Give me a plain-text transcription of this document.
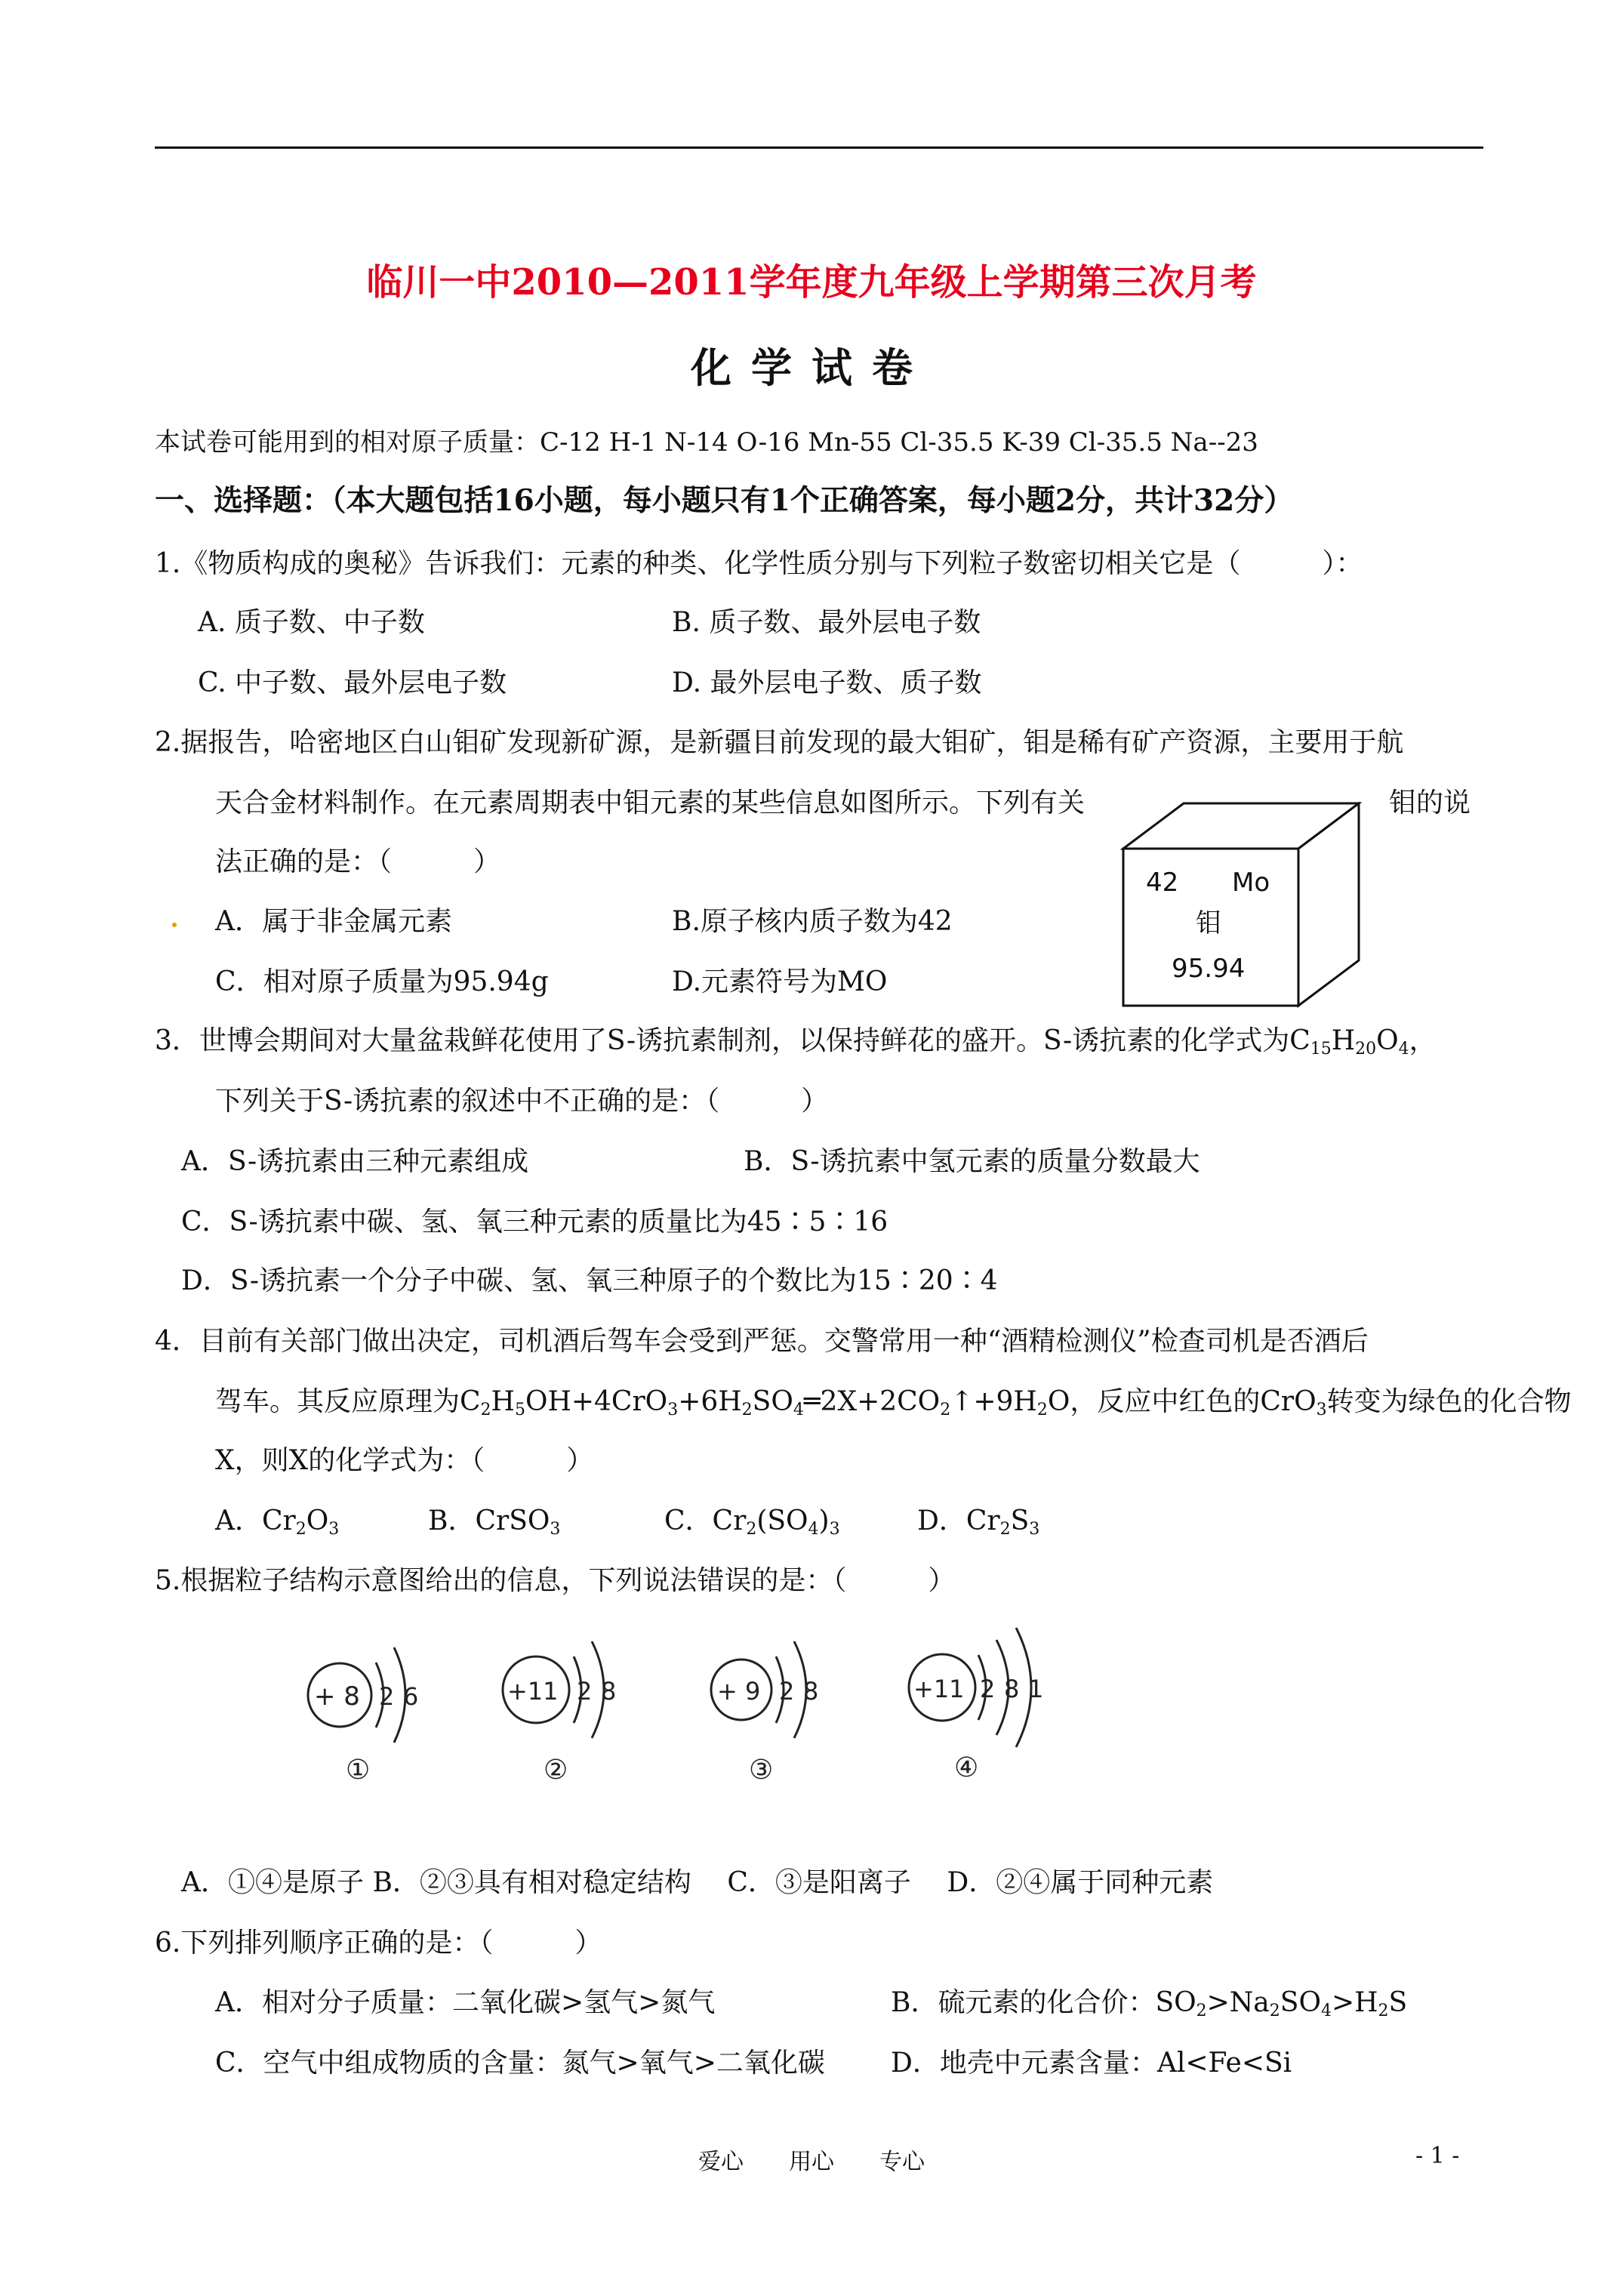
临川一中2010—2011学年度九年级上学期第三次月考
化学试卷
本试卷可能用到的相对原子质量：C-12 H-1 N-14 O-16 Mn-55 Cl-35.5 K-39 Cl-35.5 Na--23
一、选择题：（本大题包括16小题，每小题只有1个正确答案，每小题2分，共计32分）
1.《物质构成的奥秘》告诉我们：元素的种类、化学性质分别与下列粒子数密切相关它是（　　　）：
A. 质子数、中子数	B. 质子数、最外层电子数
C. 中子数、最外层电子数	D. 最外层电子数、质子数
2.据报告，哈密地区白山钼矿发现新矿源，是新疆目前发现的最大钼矿，钼是稀有矿产资源，主要用于航
天合金材料制作。在元素周期表中钼元素的某些信息如图所示。下列有关	钼的说
法正确的是：（　　　）
A．属于非金属元素	B.原子核内质子数为42
C．相对原子质量为95.94g	D.元素符号为MO
42 Mo
钼
95.94
3．世博会期间对大量盆栽鲜花使用了S-诱抗素制剂，以保持鲜花的盛开。S-诱抗素的化学式为$C_{15}H_{20}O_4$，
下列关于S-诱抗素的叙述中不正确的是：（　　　）
A．S-诱抗素由三种元素组成	B．S-诱抗素中氢元素的质量分数最大
C．S-诱抗素中碳、氢、氧三种元素的质量比为45∶5∶16
D．S-诱抗素一个分子中碳、氢、氧三种原子的个数比为15∶20∶4
4．目前有关部门做出决定，司机酒后驾车会受到严惩。交警常用一种“酒精检测仪”检查司机是否酒后
驾车。其反应原理为$C_2H_5OH+4CrO_3+6H_2SO_4═2X+2CO_2↑+9H_2O$，反应中红色的CrO$_3$转变为绿色的化合物
X，则X的化学式为：（　　　）
A．$Cr_2O_3$	B．CrSO$_3$	C．$Cr_2(SO_4)_3$	D．$Cr_2S_3$
5.根据粒子结构示意图给出的信息，下列说法错误的是：（　　　）
+ 8 2 6
①
+11 2 8
②
+ 9 2 8
③
+11 2 8 1
④
A．①④是原子 B．②③具有相对稳定结构　 C．③是阳离子　 D．②④属于同种元素
6.下列排列顺序正确的是：（　　　）
A．相对分子质量：二氧化碳>氢气>氮气	B．硫元素的化合价：$SO_2>Na_2SO_4>H_2S$
C．空气中组成物质的含量：氮气>氧气>二氧化碳 D．地壳中元素含量：Al<Fe<Si
爱心　　用心　　专心	- 1 -
